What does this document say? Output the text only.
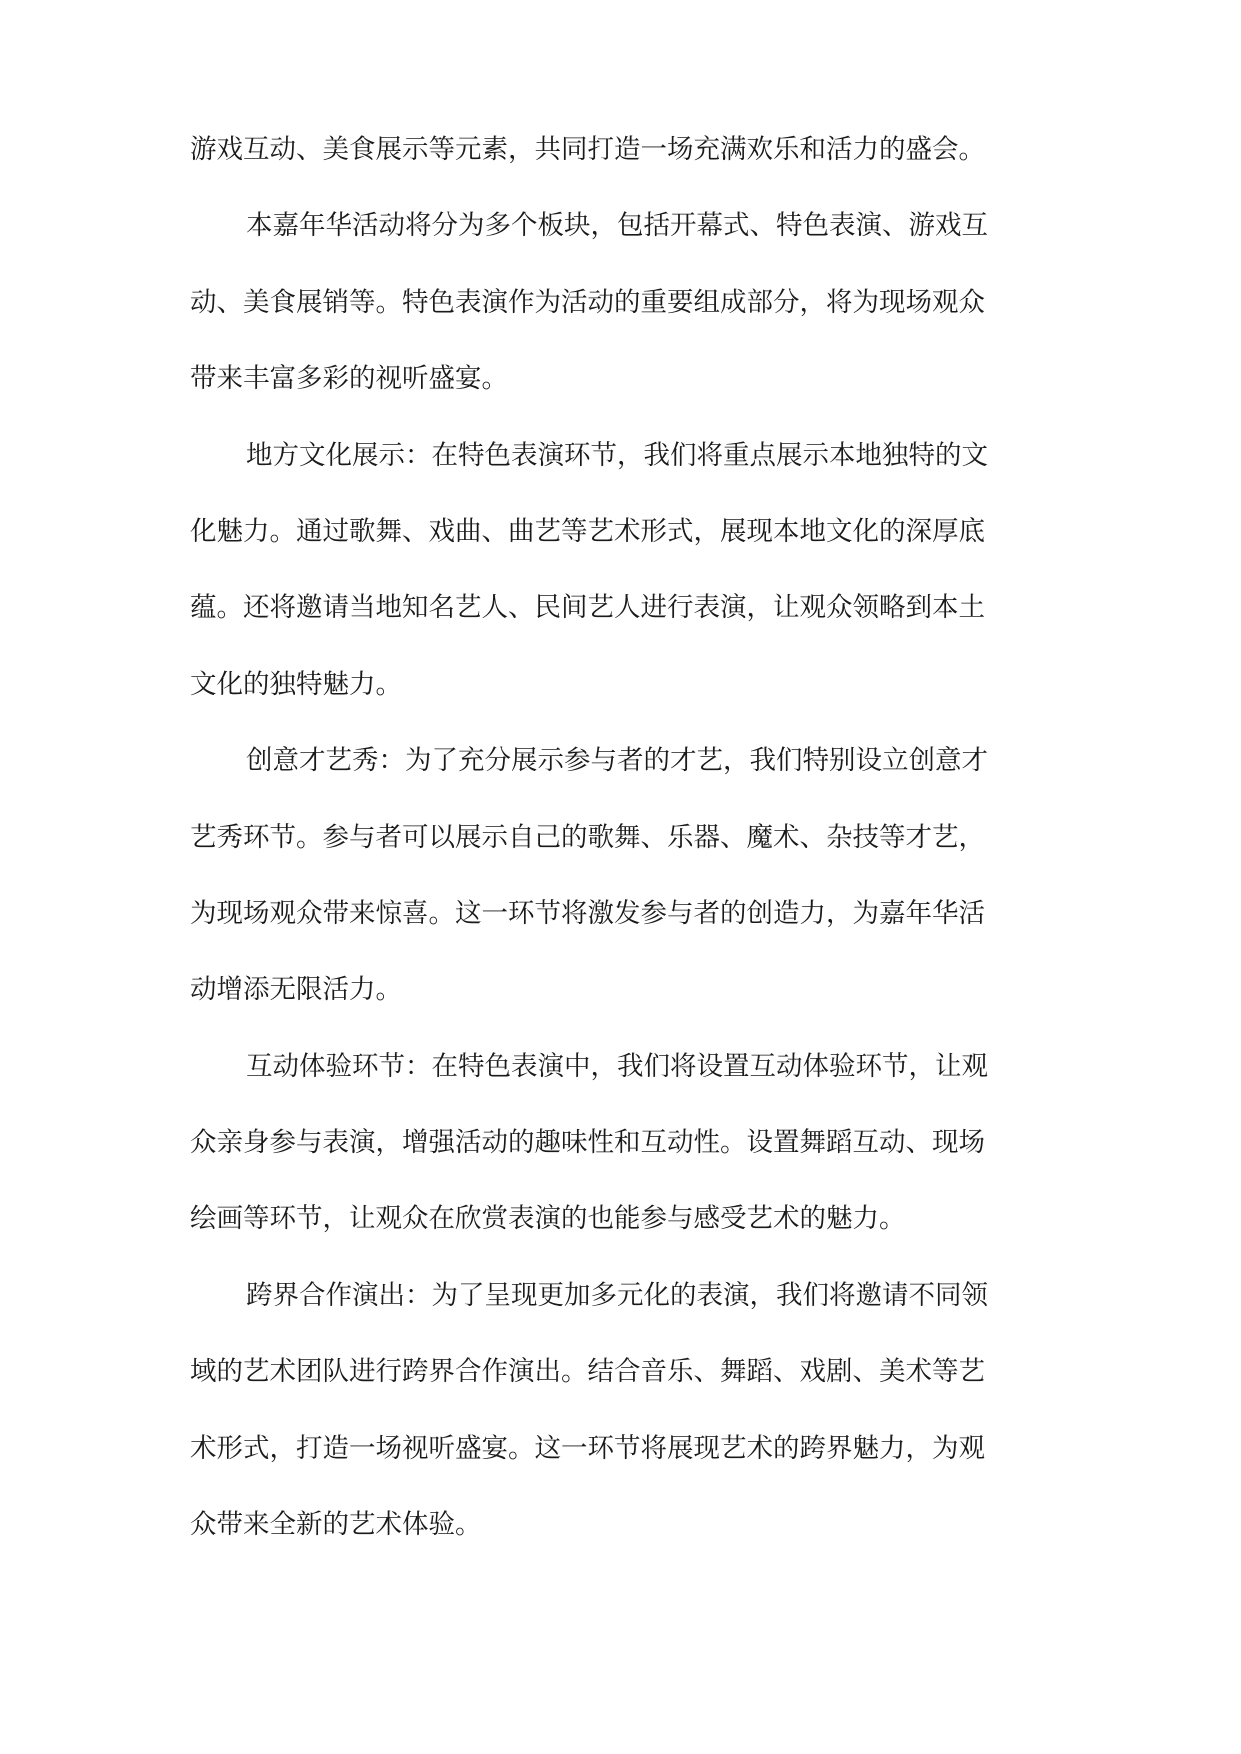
游戏互动、美食展示等元素，共同打造一场充满欢乐和活力的盛会。
本嘉年华活动将分为多个板块，包括开幕式、特色表演、游戏互
动、美食展销等。特色表演作为活动的重要组成部分，将为现场观众
带来丰富多彩的视听盛宴。
地方文化展示：在特色表演环节，我们将重点展示本地独特的文
化魅力。通过歌舞、戏曲、曲艺等艺术形式，展现本地文化的深厚底
蕴。还将邀请当地知名艺人、民间艺人进行表演，让观众领略到本土
文化的独特魅力。
创意才艺秀：为了充分展示参与者的才艺，我们特别设立创意才
艺秀环节。参与者可以展示自己的歌舞、乐器、魔术、杂技等才艺，
为现场观众带来惊喜。这一环节将激发参与者的创造力，为嘉年华活
动增添无限活力。
互动体验环节：在特色表演中，我们将设置互动体验环节，让观
众亲身参与表演，增强活动的趣味性和互动性。设置舞蹈互动、现场
绘画等环节，让观众在欣赏表演的也能参与感受艺术的魅力。
跨界合作演出：为了呈现更加多元化的表演，我们将邀请不同领
域的艺术团队进行跨界合作演出。结合音乐、舞蹈、戏剧、美术等艺
术形式，打造一场视听盛宴。这一环节将展现艺术的跨界魅力，为观
众带来全新的艺术体验。
